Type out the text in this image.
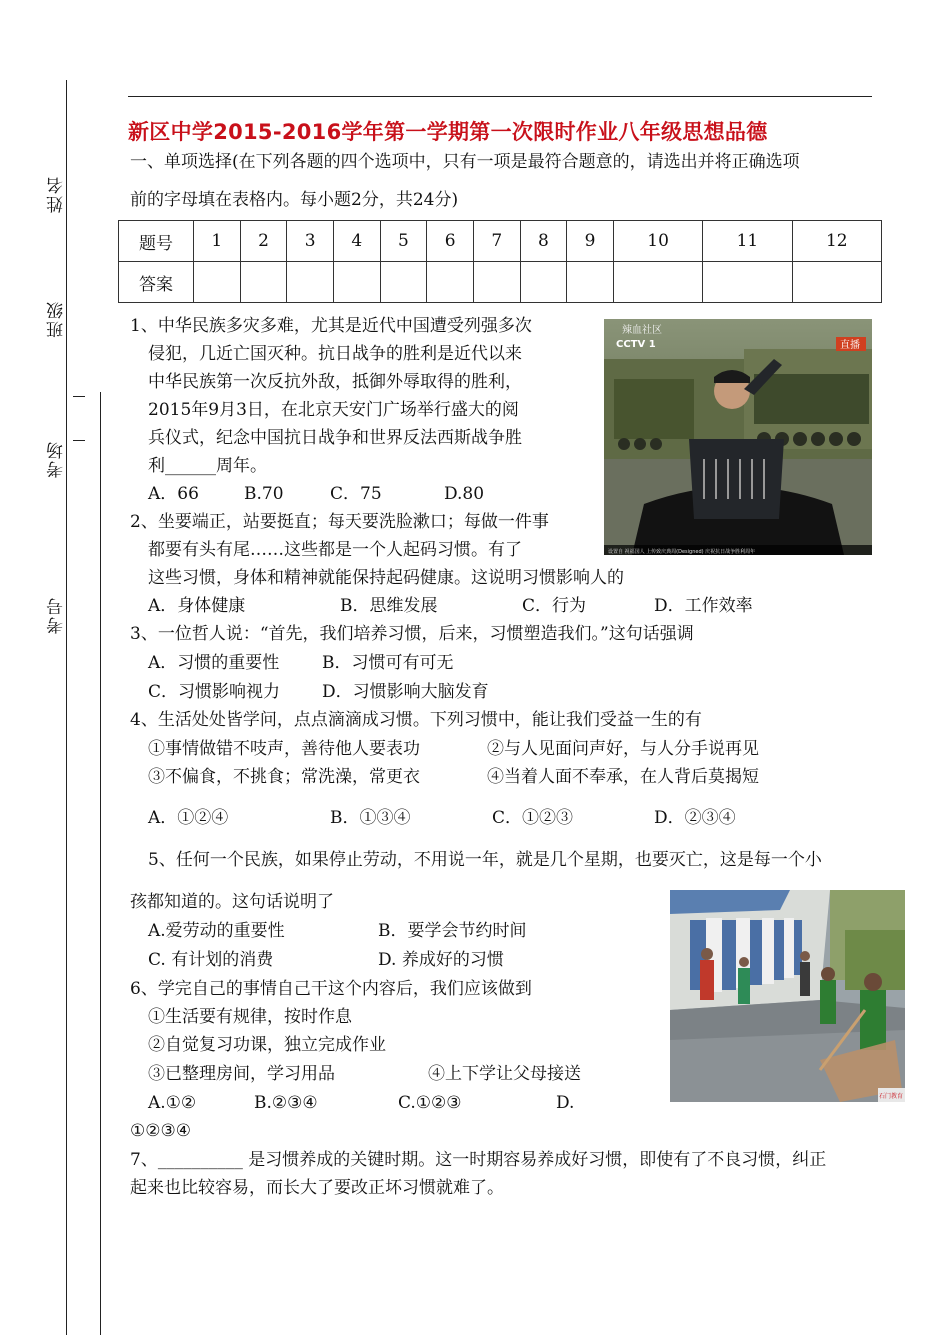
姓名
班级
考场
考号
新区中学2015-2016学年第一学期第一次限时作业八年级思想品德
一、单项选择(在下列各题的四个选项中，只有一项是最符合题意的，请选出并将正确选项
前的字母填在表格内。每小题2分，共24分)
题号	1	2	3	4	5	6	7	8	9	10	11	12
答案												
1、中华民族多灾多难，尤其是近代中国遭受列强多次
侵犯，几近亡国灭种。抗日战争的胜利是近代以来
中华民族第一次反抗外敌，抵御外辱取得的胜利，
2015年9月3日，在北京天安门广场举行盛大的阅
兵仪式，纪念中国抗日战争和世界反法西斯战争胜
利______周年。
A．66	B.70	C．75	D.80
辣血社区
CCTV 1	直播
设置自 祝福国人 上传致庆典周(Designed) 庆祝抗日战争胜利周年
2、坐要端正，站要挺直；每天要洗脸漱口；每做一件事
都要有头有尾……这些都是一个人起码习惯。有了
这些习惯，身体和精神就能保持起码健康。这说明习惯影响人的
A．身体健康	B．思维发展	C．行为	D．工作效率
3、一位哲人说：“首先，我们培养习惯，后来，习惯塑造我们。”这句话强调
A．习惯的重要性	B．习惯可有可无
C．习惯影响视力 D．习惯影响大脑发育
4、生活处处皆学问，点点滴滴成习惯。下列习惯中，能让我们受益一生的有
①事情做错不吱声，善待他人要表功	②与人见面问声好，与人分手说再见
③不偏食，不挑食；常洗澡，常更衣	④当着人面不奉承，在人背后莫揭短
A．①②④	B．①③④	C．①②③	D．②③④
5、任何一个民族，如果停止劳动，不用说一年，就是几个星期，也要灭亡，这是每一个小
孩都知道的。这句话说明了
A.爱劳动的重要性	B．要学会节约时间
C. 有计划的消费	D. 养成好的习惯
石门教育
6、学完自己的事情自己干这个内容后，我们应该做到
①生活要有规律，按时作息
②自觉复习功课，独立完成作业
③已整理房间，学习用品	④上下学让父母接送
A.①②	B.②③④	C.①②③	D.
①②③④
7、__________ 是习惯养成的关键时期。这一时期容易养成好习惯，即使有了不良习惯，纠正
起来也比较容易，而长大了要改正坏习惯就难了。
